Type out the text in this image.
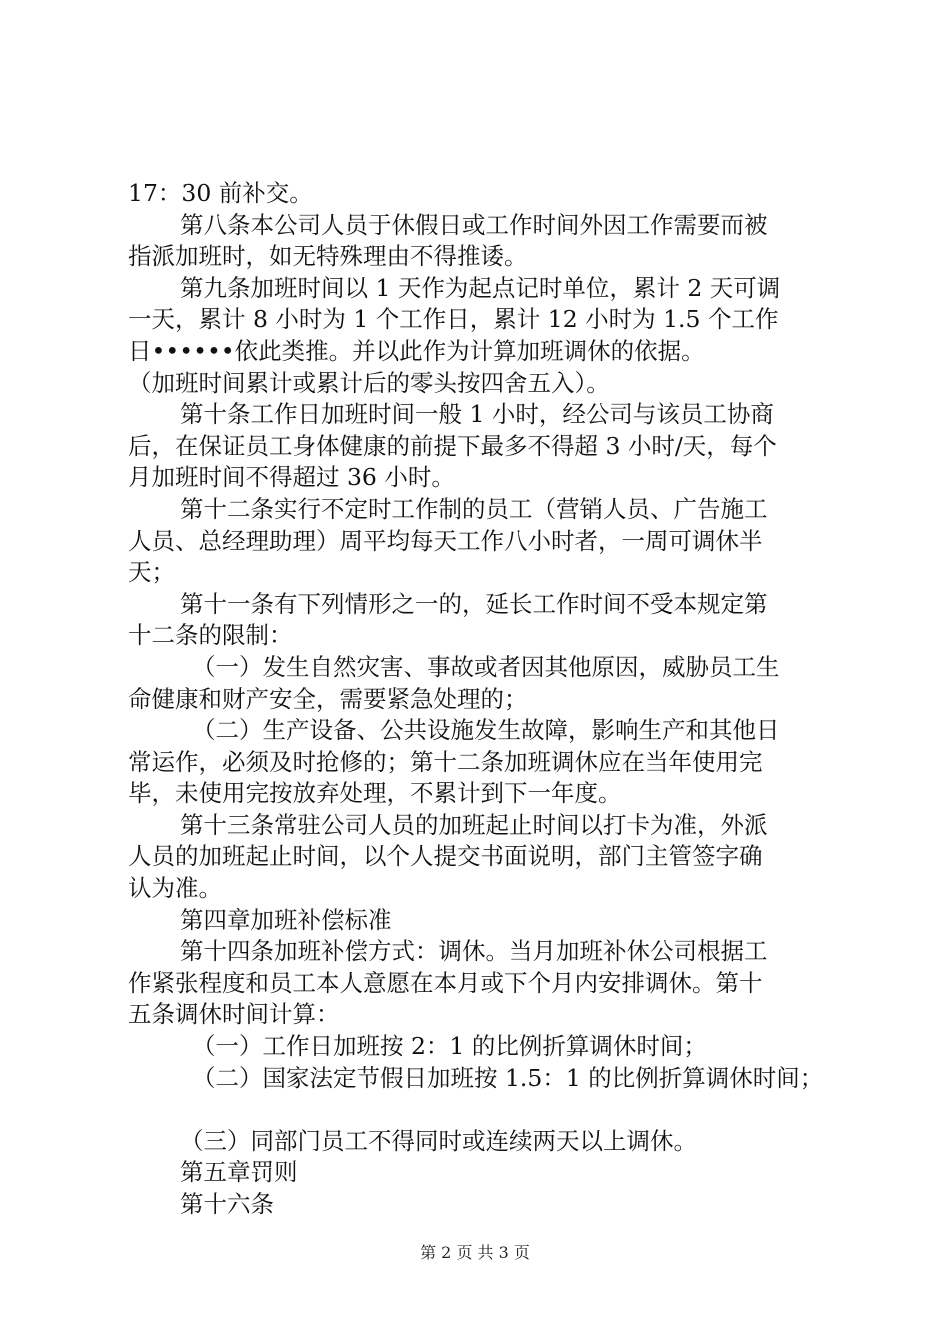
17：30 前补交。
第八条本公司人员于休假日或工作时间外因工作需要而被
指派加班时，如无特殊理由不得推诿。
第九条加班时间以 1 天作为起点记时单位，累计 2 天可调
一天，累计 8 小时为 1 个工作日，累计 12 小时为 1.5 个工作
日••••••依此类推。并以此作为计算加班调休的依据。
（加班时间累计或累计后的零头按四舍五入）。
第十条工作日加班时间一般 1 小时，经公司与该员工协商
后，在保证员工身体健康的前提下最多不得超 3 小时/天，每个
月加班时间不得超过 36 小时。
第十二条实行不定时工作制的员工（营销人员、广告施工
人员、总经理助理）周平均每天工作八小时者，一周可调休半
天；
第十一条有下列情形之一的，延长工作时间不受本规定第
十二条的限制：
（一）发生自然灾害、事故或者因其他原因，威胁员工生
命健康和财产安全，需要紧急处理的；
（二）生产设备、公共设施发生故障，影响生产和其他日
常运作，必须及时抢修的；第十二条加班调休应在当年使用完
毕，未使用完按放弃处理，不累计到下一年度。
第十三条常驻公司人员的加班起止时间以打卡为准，外派
人员的加班起止时间，以个人提交书面说明，部门主管签字确
认为准。
第四章加班补偿标准
第十四条加班补偿方式：调休。当月加班补休公司根据工
作紧张程度和员工本人意愿在本月或下个月内安排调休。第十
五条调休时间计算：
（一）工作日加班按 2：1 的比例折算调休时间；
（二）国家法定节假日加班按 1.5：1 的比例折算调休时间；
（三）同部门员工不得同时或连续两天以上调休。
第五章罚则
第十六条
第 2 页 共 3 页
